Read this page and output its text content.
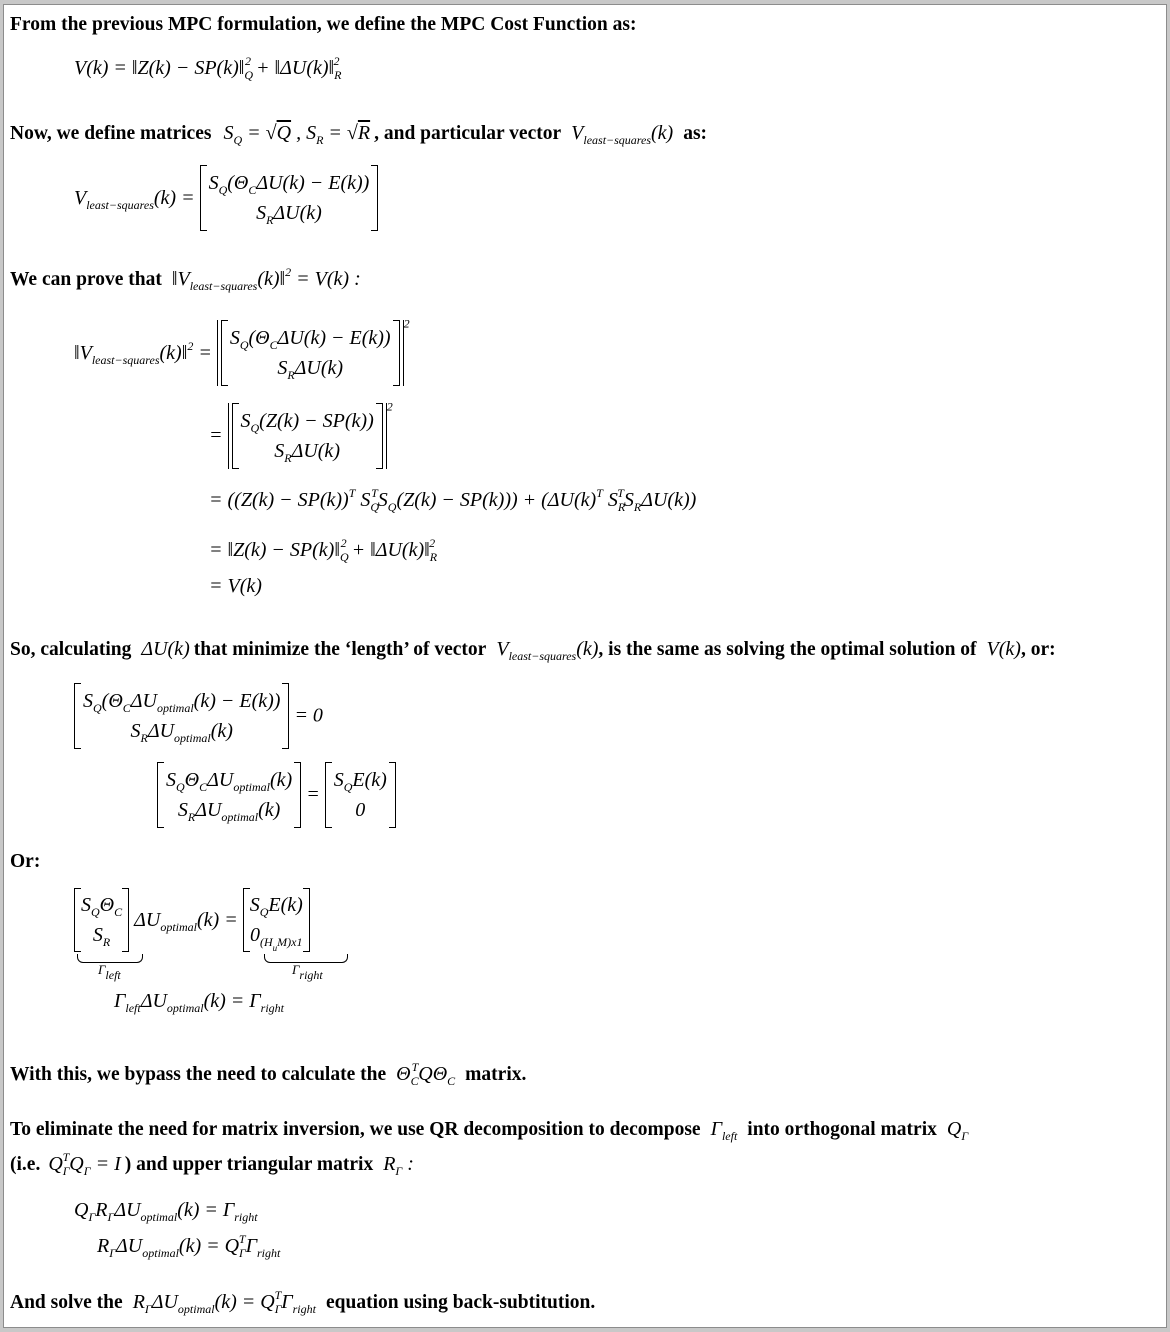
From the previous MPC formulation, we define the MPC Cost Function as:
V(k) = ‖Z(k) − $SP(k)‖_Q^2$ + $‖\Delta U(k)‖_R^2$
Now, we define matrices $S_Q = √Q$ , $S_R = √R$ , and particular vector $V_{least-squares}(k)$ as:
$V_{least-squares}(k) = S_Q(\Theta_C\Delta U(k) - E(k))$
$S_R\Delta U(k)$
We can prove that $‖V_{least-squares}(k)‖^2 = V(k)$ :
$‖V_{least-squares}(k)‖^2 = S_Q(\Theta_C\Delta U(k) - E(k))$
$S_R\Delta U(k)^2$
= $S_Q(Z(k) - SP(k))$
$S_R\Delta U(k)^2$
= ($(Z(k) - SP(k))^T$ $S_Q^TS_Q(Z(k) - SP(k))) + (\Delta U(k)^T$ $S_R^TS_R\Delta U(k)$)
= ‖Z(k) − $SP(k)‖_Q^2$ + $‖\Delta U(k)‖_R^2$
= V(k)
So, calculating ΔU(k) that minimize the ‘length’ of vector $V_{least-squares}(k)$, is the same as solving the optimal solution of V(k), or:
$S_Q(\Theta_C\Delta U_{optimal}(k) - E(k))$
$S_R\Delta U_{optimal}(k) = 0$
$S_Q\Theta_C\Delta U_{optimal}(k)$
$S_R\Delta U_{optimal}(k) = S_QE(k)$
0
Or:
$S_Q\Theta_C$
$S_R$ $\Delta U_{optimal}(k) = S_QE(k)$
$0_{(H_uM)x1}$
$\Gamma_{left}$	$\Gamma_{right}$
$\Gamma_{left}\Delta U_{optimal}(k) = \Gamma_{right}$
With this, we bypass the need to calculate the $\Theta_C^TQ\Theta_C$ matrix.
To eliminate the need for matrix inversion, we use QR decomposition to decompose $\Gamma_{left}$ into orthogonal matrix $Q_\Gamma$
(i.e. $Q_\Gamma^TQ_\Gamma = I$ ) and upper triangular matrix $R_\Gamma$ :
$Q_\Gamma R_\Gamma\Delta U_{optimal}(k) = \Gamma_{right}$
$R_\Gamma\Delta U_{optimal}(k) = Q_\Gamma^T\Gamma_{right}$
And solve the $R_\Gamma\Delta U_{optimal}(k) = Q_\Gamma^T\Gamma_{right}$ equation using back-subtitution.
